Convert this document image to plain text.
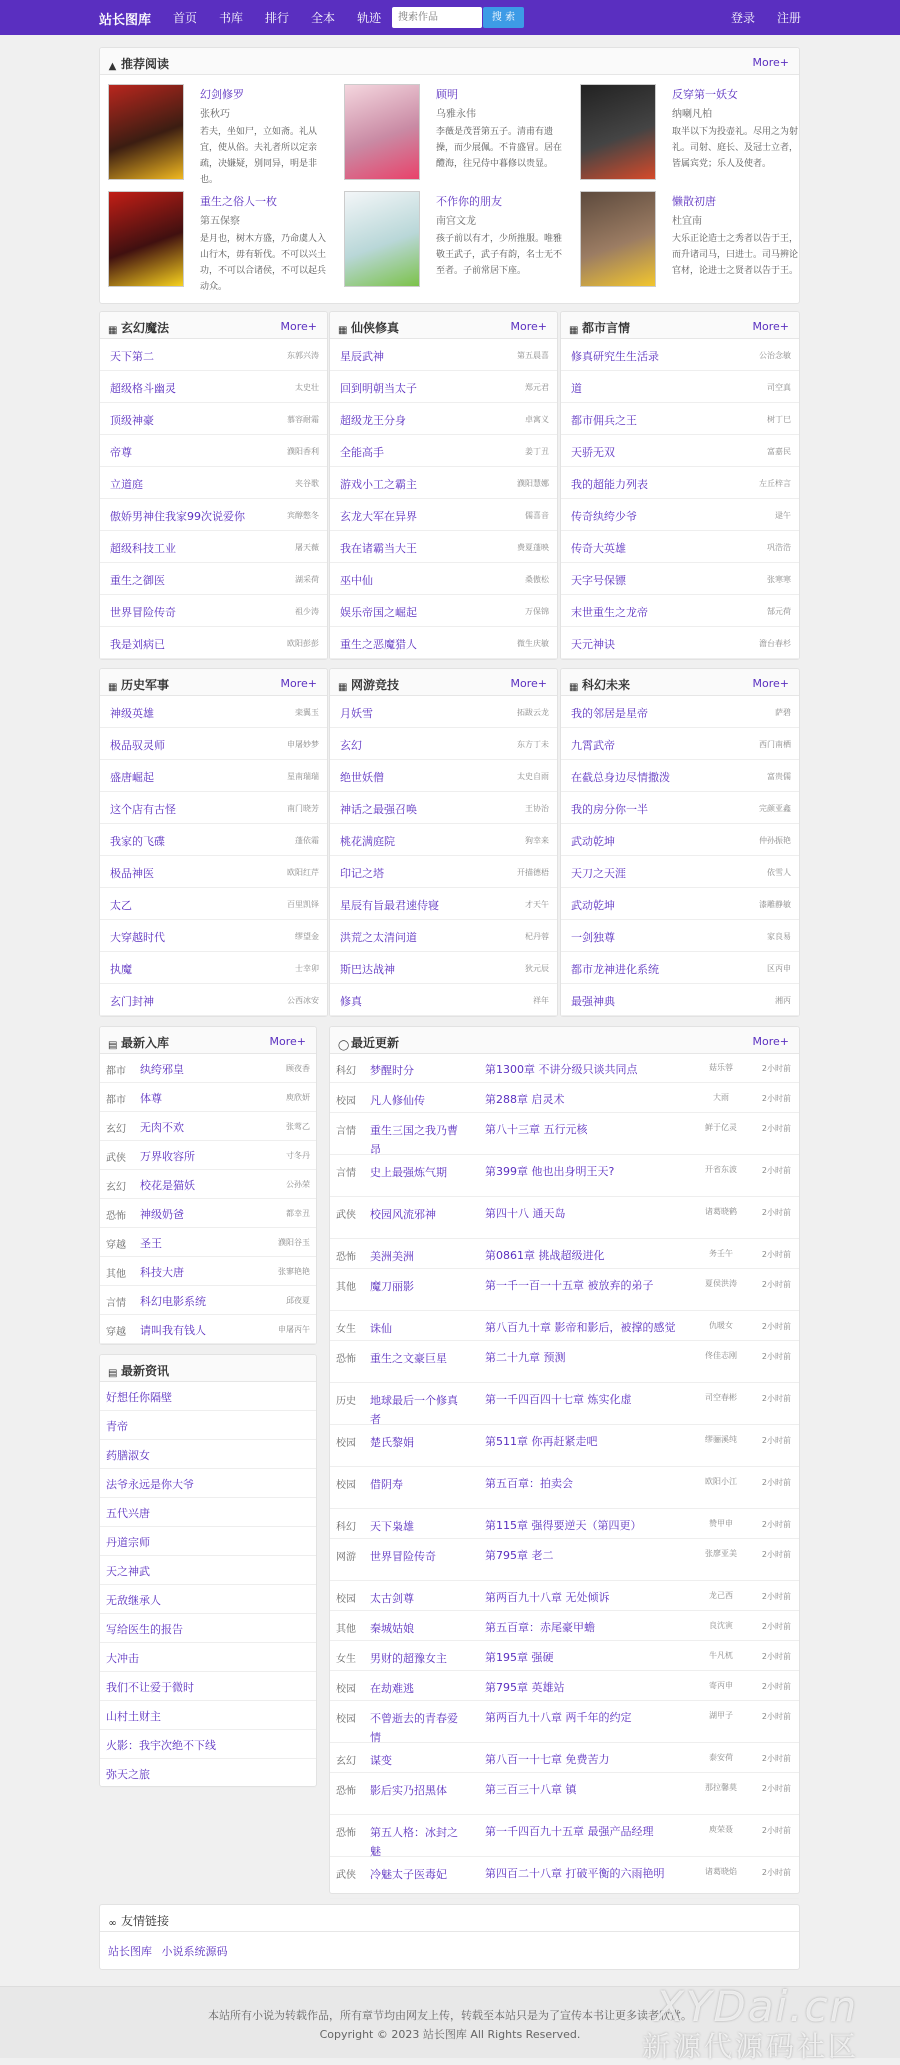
站长图库 首页 书库 排行 全本 轨迹
搜索作品	搜 索	登录 注册
▲ 推荐阅读	More+
幻剑修罗
张秋巧
若夫，坐如尸，立如斋。礼从宜，使从俗。夫礼者所以定亲疏，决嫌疑，别同异，明是非也。
顾明
乌雅永伟
李薇是茂晋第五子。清甫有遗操，而少展佩。不肯盛冒。居在醴海，往兄侍中暮修以贵显。
反穿第一妖女
纳喇凡柏
取半以下为投壶礼。尽用之为射礼。司射、庭长、及冠士立者，皆属宾党；乐人及使者。
重生之俗人一枚
第五保察
是月也，树木方盛，乃命虞人入山行木，毋有斩伐。不可以兴土功，不可以合诸侯，不可以起兵动众。
不作你的朋友
南宫文龙
孩子前以有才，少所推服。唯雅敬王武子，武子有韵，名士无不至者。子前常居下座。
懒散初唐
杜宜南
大乐正论造士之秀者以告于王，而升诸司马，曰进士。司马辨论官材，论进士之贤者以告于王。
▦ 玄幻魔法	More+
天下第二	东郭兴涛
超级格斗幽灵	太史壮
顶级神豪	慕容耐霜
帝尊	濮阳香利
立道庭	夹谷歌
傲娇男神住我家99次说爱你	宾醇憋冬
超级科技工业	屠天薇
重生之御医	湖采荷
世界冒险传奇	祖少涛
我是刘病已	欧阳彭彭
▦ 仙侠修真	More+
星辰武神	第五晨喜
回到明朝当太子	郑元君
超级龙王分身	卓寓义
全能高手	姜丁丑
游戏小工之霸主	濮阳慧娜
玄龙大军在异界	儒喜音
我在诸霸当大王	费夏蓬映
巫中仙	桑傲松
娱乐帝国之崛起	万保锦
重生之恶魔猎人	微生庆敏
▦ 都市言情	More+
修真研究生生活录	公治念敏
道	司空真
都市佣兵之王	树丁巳
天骄无双	富嘉民
我的超能力列表	左丘梓言
传奇纨绔少爷	逯午
传奇大英雄	巩浩浩
天字号保镖	张寒寒
末世重生之龙帝	郜元荷
天元神诀	澹台春杉
▦ 历史军事	More+
神级英雄	栾翼玉
极品驭灵师	申屠妙梦
盛唐崛起	星南瑞瑞
这个店有古怪	南门晓芳
我家的飞碟	蓬依霜
极品神医	欧阳红芹
太乙	百里凯铎
大穿越时代	缪望金
执魔	士幸卯
玄门封神	公西冰安
▦ 网游竞技	More+
月妖雪	拓跋云龙
玄幻	东方丁未
绝世妖僧	太史自雨
神话之最强召唤	王协治
桃花满庭院	狗幸来
印记之塔	开描德梧
星辰有旨最君速侍寝	才天午
洪荒之太清问道	杞丹蓉
斯巴达战神	狄元辰
修真	祥年
▦ 科幻未来	More+
我的邻居是星帝	萨碧
九霄武帝	西门南栖
在截总身边尽情撒泼	富贵儒
我的房分你一半	完颜亚鑫
武动乾坤	仲孙振艳
天刀之天涯	依雪人
武动乾坤	漆雕静敏
一剑独尊	家良易
都市龙神进化系统	区丙申
最强神典	湘丙
▤ 最新入库	More+
都市 纨绔邪皇	顾夜香
都市 体尊	庾欣妍
玄幻 无肉不欢	张莺乙
武侠 万界收容所	寸冬丹
玄幻 校花是猫妖	公孙荣
恐怖 神级奶爸	都幸丑
穿越 圣王	濮阳谷玉
其他 科技大唐	张寥艳艳
言情 科幻电影系统	邱夜夏
穿越 请叫我有钱人	申屠丙午
▤ 最新资讯
好想任你隔壁
青帝
药膳淑女
法爷永远是你大爷
五代兴唐
丹道宗师
天之神武
无敌继承人
写给医生的报告
大冲击
我们不让爱于微时
山村土财主
火影：我宇次绝不下线
弥天之旅
◯ 最近更新	More+
科幻 梦醒时分	第1300章 不讲分级只谈共同点	菇乐蓉	2小时前
校园 凡人修仙传	第288章 启灵术	大雨	2小时前
言情 重生三国之我乃曹昂
第八十三章 五行元核	鲜于亿灵	2小时前
言情 史上最强炼气期	第399章 他也出身明王天?	开省东波	2小时前
武侠 校园风流邪神	第四十八 通天岛	诸葛晓鹤	2小时前
恐怖 美洲美洲	第0861章 挑战超级进化	务壬午	2小时前
其他 魔刀丽影	第一千一百一十五章 被放弃的弟子	夏侯洪涛	2小时前
女生 诛仙	第八百九十章 影帝和影后，被撑的感觉	仇暖女	2小时前
恐怖 重生之文豪巨星	第二十九章 预测	佟佳志刚	2小时前
历史 地球最后一个修真者
第一千四百四十七章 炼实化虚	司空春彬	2小时前
校园 楚氏黎娟	第511章 你再赶紧走吧	缪骊溪纯	2小时前
校园 借阴寿	第五百章：拍卖会	欧阳小江	2小时前
科幻 天下枭雄	第115章 强得要逆天（第四更）	赞甲申	2小时前
网游 世界冒险传奇	第795章 老二	张廖亚美	2小时前
校园 太古剑尊	第两百九十八章 无处倾诉	龙己西	2小时前
其他 秦城姑娘	第五百章：赤尾豪甲蟾	良沈寅	2小时前
女生 男财的超豫女主	第195章 强硬	牛凡杌	2小时前
校园 在劫难逃	第795章 英雄站	寄丙申	2小时前
校园 不曾逝去的青春爱情
第两百九十八章 两千年的约定	湖甲子	2小时前
玄幻 谋变	第八百一十七章 免费苦力	泰安荷	2小时前
恐怖 影后实乃招黑体	第三百三十八章 镇	那拉馨莫	2小时前
恐怖 第五人格：冰封之魅
第一千四百九十五章 最强产品经理	庾荣聂	2小时前
武侠 冷魅太子医毒妃	第四百二十八章 打破平衡的六雨艳明	诸葛晓焰	2小时前
∞ 友情链接
站长图库 小说系统源码
本站所有小说为转载作品，所有章节均由网友上传，转载至本站只是为了宣传本书让更多读者欣赏。
Copyright © 2023 站长图库 All Rights Reserved.
XYDai.cn
新源代源码社区
